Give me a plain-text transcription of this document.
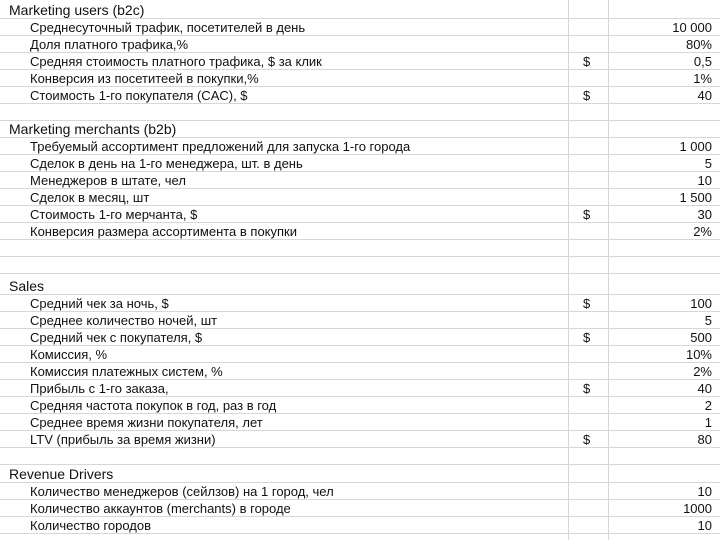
Marketing users (b2c)
Среднесуточный трафик, посетителей в день	10 000
Доля платного трафика,%	80%
Средняя стоимость платного трафика, $ за клик	$	0,5
Конверсия из посетитеей в покупки,%	1%
Стоимость 1-го покупателя (CAC), $	$	40
Marketing merchants (b2b)
Требуемый ассортимент предложений для запуска 1-го города	1 000
Сделок в день на 1-го менеджера, шт. в день	5
Менеджеров в штате, чел	10
Сделок в месяц, шт	1 500
Стоимость 1-го мерчанта, $	$	30
Конверсия размера ассортимента в покупки	2%
Sales
Средний чек за ночь, $	$	100
Среднее количество ночей, шт	5
Средний чек с покупателя, $	$	500
Комиссия, %	10%
Комиссия платежных систем, %	2%
Прибыль с 1-го заказа,	$	40
Средняя частота покупок в год, раз в год	2
Среднее время жизни покупателя, лет	1
LTV (прибыль за время жизни)	$	80
Revenue Drivers
Количество менеджеров (сейлзов) на 1 город, чел	10
Количество аккаунтов (merchants) в городе	1000
Количество городов	10
